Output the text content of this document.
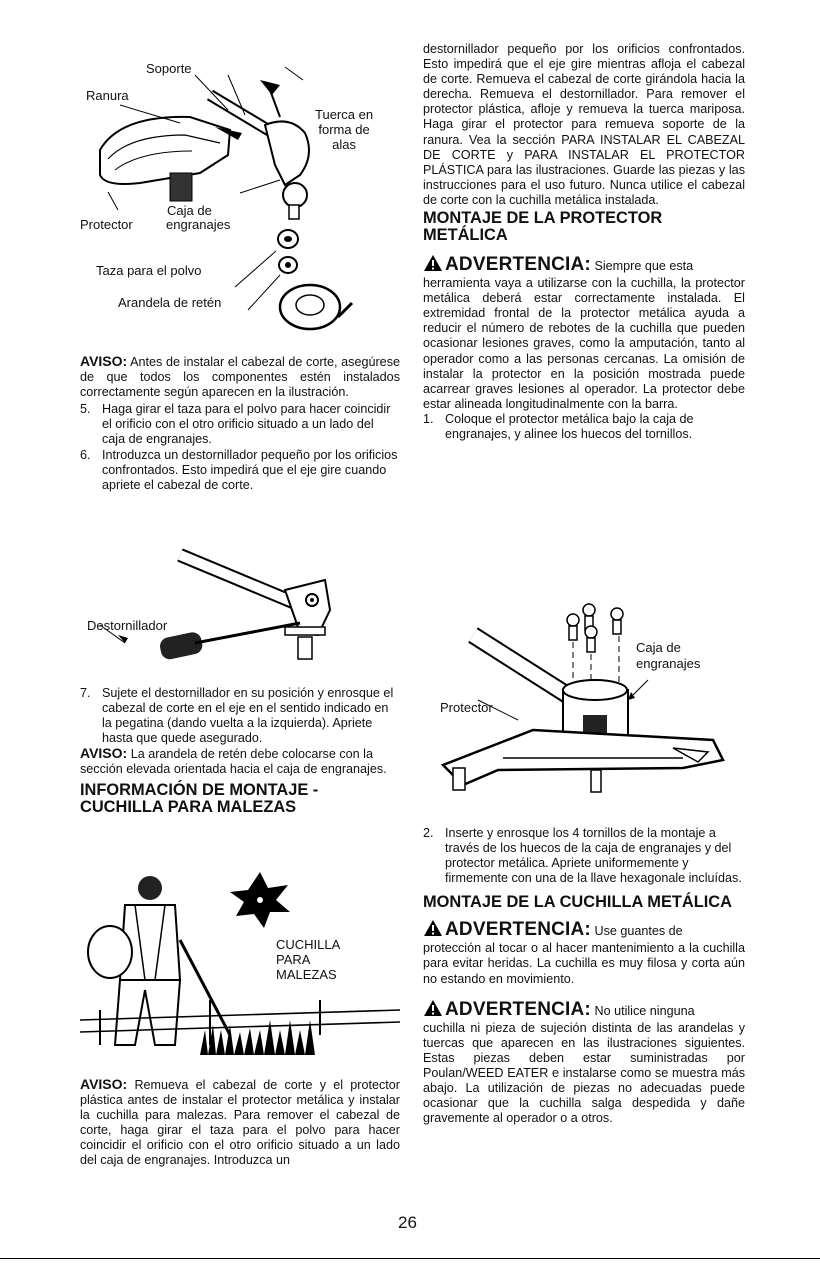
Soporte
Ranura
Tuerca en
forma de
alas
Caja de
Protector	engranajes
Taza para el polvo
Arandela de retén

AVISO: Antes de instalar el cabezal de corte, asegúrese de que todos los componentes estén instalados correctamente según aparecen en la ilustración.

5. Haga girar el taza para el polvo para hacer coincidir el orificio con el otro orificio situado a un lado del caja de engranajes.
6. Introduzca un destornillador pequeño por los orificios confrontados. Esto impedirá que el eje gire cuando apriete el cabezal de corte.
Destornillador
7. Sujete el destornillador en su posición y enrosque el cabezal de corte en el eje en el sentido indicado en la pegatina (dando vuelta a la izquierda). Apriete hasta que quede asegurado.

AVISO: La arandela de retén debe colocarse con la sección elevada orientada hacia el caja de engranajes.

INFORMACIÓN DE MONTAJE - CUCHILLA PARA MALEZAS
CUCHILLA
PARA
MALEZAS

AVISO: Remueva el cabezal de corte y el protector plástica antes de instalar el protector metálica y instalar la cuchilla para malezas. Para remover el cabezal de corte, haga girar el taza para el polvo para hacer coincidir el orificio con el otro orificio situado a un lado del caja de engranajes. Introduzca un

destornillador pequeño por los orificios confrontados. Esto impedirá que el eje gire mientras afloja el cabezal de corte. Remueva el cabezal de corte girándola hacia la derecha. Remueva el destornillador. Para remover el protector plástica, afloje y remueva la tuerca mariposa. Haga girar el protector para remueva soporte de la ranura. Vea la sección PARA INSTALAR EL CABEZAL DE CORTE y PARA INSTALAR EL PROTECTOR PLÁSTICA para las ilustraciones. Guarde las piezas y las instrucciones para el uso futuro. Nunca utilice el cabezal de corte con la cuchilla metálica instalada.

MONTAJE DE LA PROTECTOR METÁLICA

ADVERTENCIA: Siempre que esta

herramienta vaya a utilizarse con la cuchilla, la protector metálica deberá estar correctamente instalada. El extremidad frontal de la protector metálica ayuda a reducir el número de rebotes de la cuchilla que pueden ocasionar lesiones graves, como la amputación, tanto al operador como a las personas cercanas. La omisión de instalar la protector en la posición mostrada puede acarrear graves lesiones al operador. La protector debe estar alineada longitudinalmente con la barra.

1. Coloque el protector metálica bajo la caja de engranajes, y alinee los huecos del tornillos.
Caja de
engranajes
Protector
2. Inserte y enrosque los 4 tornillos de la montaje a través de los huecos de la caja de engranajes y del protector metálica. Apriete uniformemente y firmemente con una de la llave hexagonale incluídas.
MONTAJE DE LA CUCHILLA METÁLICA

ADVERTENCIA: Use guantes de

protección al tocar o al hacer mantenimiento a la cuchilla para evitar heridas. La cuchilla es muy filosa y corta aún no estando en movimiento.

ADVERTENCIA: No utilice ninguna

cuchilla ni pieza de sujeción distinta de las arandelas y tuercas que aparecen en las ilustraciones siguientes. Estas piezas deben estar suministradas por Poulan/WEED EATER e instalarse como se muestra más abajo. La utilización de piezas no adecuadas puede ocasionar que la cuchilla salga despedida y dañe gravemente al operador o a otros.

26
